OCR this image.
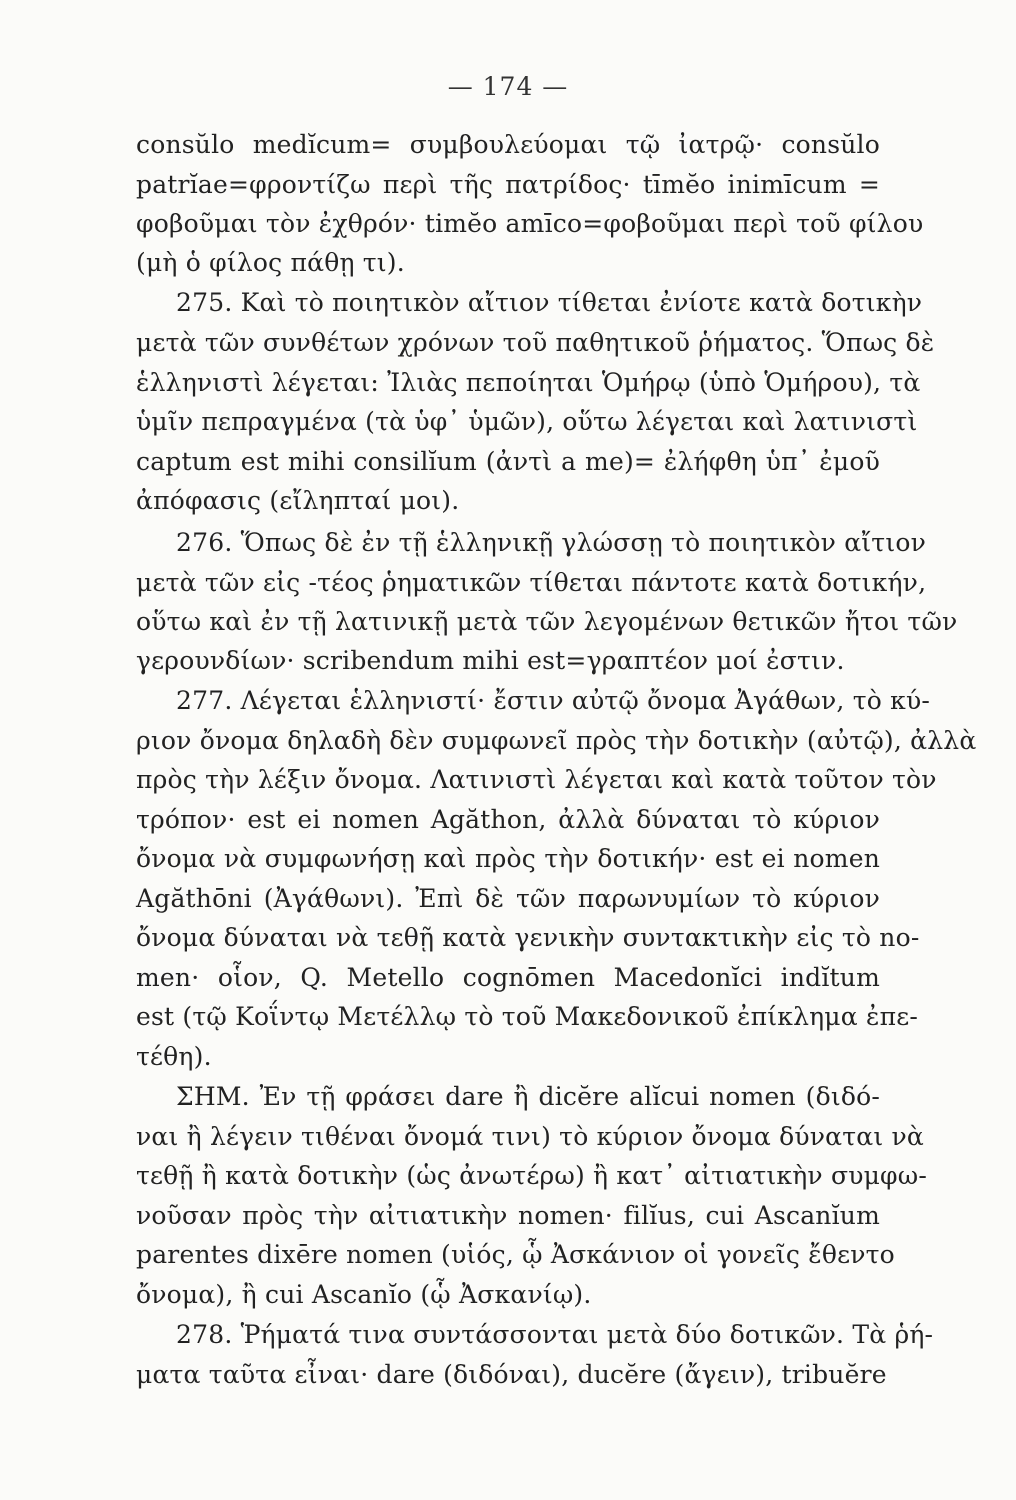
— 174 —
consŭlo medĭcum= συμβουλεύομαι τῷ ἰατρῷ· consŭlo
patrĭae=φροντίζω περὶ τῆς πατρίδος· tīmĕo inimīcum =
φοβοῦμαι τὸν ἐχθρόν· timĕo amīco=φοβοῦμαι περὶ τοῦ φίλου
(μὴ ὁ φίλος πάθῃ τι).
275. Καὶ τὸ ποιητικὸν αἴτιον τίθεται ἐνίοτε κατὰ δοτικὴν
μετὰ τῶν συνθέτων χρόνων τοῦ παθητικοῦ ῥήματος. Ὅπως δὲ
ἑλληνιστὶ λέγεται: Ἰλιὰς πεποίηται Ὁμήρῳ (ὑπὸ Ὁμήρου), τὰ
ὑμῖν πεπραγμένα (τὰ ὑφ᾽ ὑμῶν), οὕτω λέγεται καὶ λατινιστὶ
captum est mihi consilĭum (ἀντὶ a me)= ἐλήφθη ὑπ᾽ ἐμοῦ
ἀπόφασις (εἴληπταί μοι).
276. Ὅπως δὲ ἐν τῇ ἑλληνικῇ γλώσσῃ τὸ ποιητικὸν αἴτιον
μετὰ τῶν εἰς -τέος ῥηματικῶν τίθεται πάντοτε κατὰ δοτικήν,
οὕτω καὶ ἐν τῇ λατινικῇ μετὰ τῶν λεγομένων θετικῶν ἤτοι τῶν
γερουνδίων· scribendum mihi est=γραπτέον μοί ἐστιν.
277. Λέγεται ἑλληνιστί· ἔστιν αὐτῷ ὄνομα Ἀγάθων, τὸ κύ-
ριον ὄνομα δηλαδὴ δὲν συμφωνεῖ πρὸς τὴν δοτικὴν (αὐτῷ), ἀλλὰ
πρὸς τὴν λέξιν ὄνομα. Λατινιστὶ λέγεται καὶ κατὰ τοῦτον τὸν
τρόπον· est ei nomen Agăthon, ἀλλὰ δύναται τὸ κύριον
ὄνομα νὰ συμφωνήσῃ καὶ πρὸς τὴν δοτικήν· est ei nomen
Agăthōni (Ἀγάθωνι). Ἐπὶ δὲ τῶν παρωνυμίων τὸ κύριον
ὄνομα δύναται νὰ τεθῇ κατὰ γενικὴν συντακτικὴν εἰς τὸ no-
men· οἷον, Q. Metello cognōmen Macedonĭci indĭtum
est (τῷ Κοΐντῳ Μετέλλῳ τὸ τοῦ Μακεδονικοῦ ἐπίκλημα ἐπε-
τέθη).
ΣΗΜ. Ἐν τῇ φράσει dare ἢ dicĕre alĭcui nomen (διδό-
ναι ἢ λέγειν τιθέναι ὄνομά τινι) τὸ κύριον ὄνομα δύναται νὰ
τεθῇ ἢ κατὰ δοτικὴν (ὡς ἀνωτέρω) ἢ κατ᾽ αἰτιατικὴν συμφω-
νοῦσαν πρὸς τὴν αἰτιατικὴν nomen· filĭus, cui Ascanĭum
parentes dixēre nomen (υἱός, ᾧ Ἀσκάνιον οἱ γονεῖς ἔθεντο
ὄνομα), ἢ cui Ascanĭo (ᾧ Ἀσκανίῳ).
278. Ῥήματά τινα συντάσσονται μετὰ δύο δοτικῶν. Τὰ ῥή-
ματα ταῦτα εἶναι· dare (διδόναι), ducĕre (ἄγειν), tribuĕre
